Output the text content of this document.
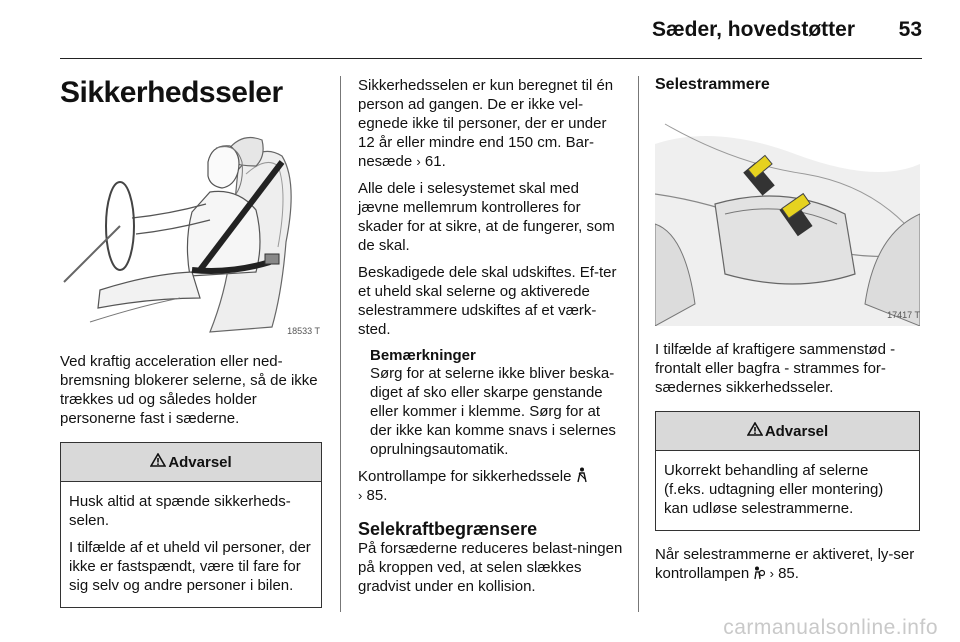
Sæder, hovedstøtter 53
Sikkerhedsseler
18533 T

Ved kraftig acceleration eller ned-bremsning blokerer selerne, så de ikke trækkes ud og således holder personerne fast i sæderne.

Advarsel

Husk altid at spænde sikkerheds-selen.

I tilfælde af et uheld vil personer, der ikke er fastspændt, være til fare for sig selv og andre personer i bilen.

Sikkerhedsselen er kun beregnet til én person ad gangen. De er ikke vel-egnede ikke til personer, der er under 12 år eller mindre end 150 cm. Bar-nesæde › 61.

Alle dele i selesystemet skal med jævne mellemrum kontrolleres for skader for at sikre, at de fungerer, som de skal.

Beskadigede dele skal udskiftes. Ef-ter et uheld skal selerne og aktiverede selestrammere udskiftes af et værk-sted.

Bemærkninger

Sørg for at selerne ikke bliver beska-diget af sko eller skarpe genstande eller kommer i klemme. Sørg for at der ikke kan komme snavs i selernes oprulningsautomatik.

Kontrollampe for sikkerhedssele
› 85.

Selekraftbegrænsere

På forsæderne reduceres belast-ningen på kroppen ved, at selen slækkes gradvist under en kollision.

Selestrammere
17417 T

I tilfælde af kraftigere sammenstød - frontalt eller bagfra - strammes for-sædernes sikkerhedsseler.

Advarsel

Ukorrekt behandling af selerne (f.eks. udtagning eller montering) kan udløse selestrammerne.

Når selestrammerne er aktiveret, ly-ser kontrollampen › 85.

carmanualsonline.info
